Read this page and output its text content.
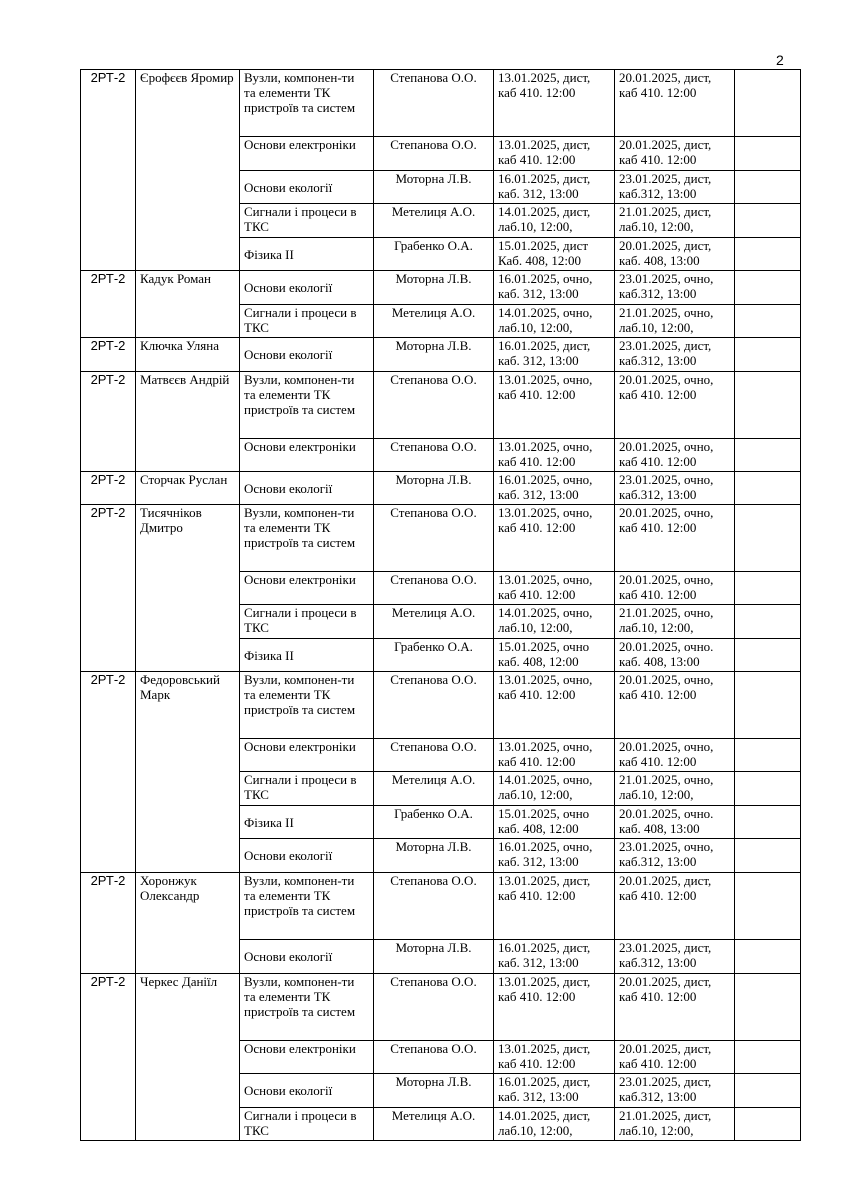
2
2РТ-2	Єрофєєв Яромир	Вузли, компонен-ти та елементи ТК пристроїв та систем	Степанова О.О.	13.01.2025, дист, каб 410. 12:00	20.01.2025, дист, каб 410. 12:00	
		Основи електроніки	Степанова О.О.	13.01.2025, дист, каб 410. 12:00	20.01.2025, дист, каб 410. 12:00	
		Основи екології	Моторна Л.В.	16.01.2025, дист, каб. 312, 13:00	23.01.2025, дист, каб.312, 13:00	
		Сигнали і процеси в ТКС	Метелиця А.О.	14.01.2025, дист, лаб.10, 12:00,	21.01.2025, дист, лаб.10, 12:00,	
		Фізика ІІ	Грабенко О.А.	15.01.2025, дист Каб. 408, 12:00	20.01.2025, дист, каб. 408, 13:00	
2РТ-2	Кадук Роман	Основи екології	Моторна Л.В.	16.01.2025, очно, каб. 312, 13:00	23.01.2025, очно, каб.312, 13:00	
		Сигнали і процеси в ТКС	Метелиця А.О.	14.01.2025, очно, лаб.10, 12:00,	21.01.2025, очно, лаб.10, 12:00,	
2РТ-2	Ключка Уляна	Основи екології	Моторна Л.В.	16.01.2025, дист, каб. 312, 13:00	23.01.2025, дист, каб.312, 13:00	
2РТ-2	Матвєєв Андрій	Вузли, компонен-ти та елементи ТК пристроїв та систем	Степанова О.О.	13.01.2025, очно, каб 410. 12:00	20.01.2025, очно, каб 410. 12:00	
		Основи електроніки	Степанова О.О.	13.01.2025, очно, каб 410. 12:00	20.01.2025, очно, каб 410. 12:00	
2РТ-2	Сторчак Руслан	Основи екології	Моторна Л.В.	16.01.2025, очно, каб. 312, 13:00	23.01.2025, очно, каб.312, 13:00	
2РТ-2	Тисячніков Дмитро	Вузли, компонен-ти та елементи ТК пристроїв та систем	Степанова О.О.	13.01.2025, очно, каб 410. 12:00	20.01.2025, очно, каб 410. 12:00	
		Основи електроніки	Степанова О.О.	13.01.2025, очно, каб 410. 12:00	20.01.2025, очно, каб 410. 12:00	
		Сигнали і процеси в ТКС	Метелиця А.О.	14.01.2025, очно, лаб.10, 12:00,	21.01.2025, очно, лаб.10, 12:00,	
		Фізика ІІ	Грабенко О.А.	15.01.2025, очно каб. 408, 12:00	20.01.2025, очно. каб. 408, 13:00	
2РТ-2	Федоровський Марк	Вузли, компонен-ти та елементи ТК пристроїв та систем	Степанова О.О.	13.01.2025, очно, каб 410. 12:00	20.01.2025, очно, каб 410. 12:00	
		Основи електроніки	Степанова О.О.	13.01.2025, очно, каб 410. 12:00	20.01.2025, очно, каб 410. 12:00	
		Сигнали і процеси в ТКС	Метелиця А.О.	14.01.2025, очно, лаб.10, 12:00,	21.01.2025, очно, лаб.10, 12:00,	
		Фізика ІІ	Грабенко О.А.	15.01.2025, очно каб. 408, 12:00	20.01.2025, очно. каб. 408, 13:00	
		Основи екології	Моторна Л.В.	16.01.2025, очно, каб. 312, 13:00	23.01.2025, очно, каб.312, 13:00	
2РТ-2	Хоронжук Олександр	Вузли, компонен-ти та елементи ТК пристроїв та систем	Степанова О.О.	13.01.2025, дист, каб 410. 12:00	20.01.2025, дист, каб 410. 12:00	
		Основи екології	Моторна Л.В.	16.01.2025, дист, каб. 312, 13:00	23.01.2025, дист, каб.312, 13:00	
2РТ-2	Черкес Даніїл	Вузли, компонен-ти та елементи ТК пристроїв та систем	Степанова О.О.	13.01.2025, дист, каб 410. 12:00	20.01.2025, дист, каб 410. 12:00	
		Основи електроніки	Степанова О.О.	13.01.2025, дист, каб 410. 12:00	20.01.2025, дист, каб 410. 12:00	
		Основи екології	Моторна Л.В.	16.01.2025, дист, каб. 312, 13:00	23.01.2025, дист, каб.312, 13:00	
		Сигнали і процеси в ТКС	Метелиця А.О.	14.01.2025, дист, лаб.10, 12:00,	21.01.2025, дист, лаб.10, 12:00,	
